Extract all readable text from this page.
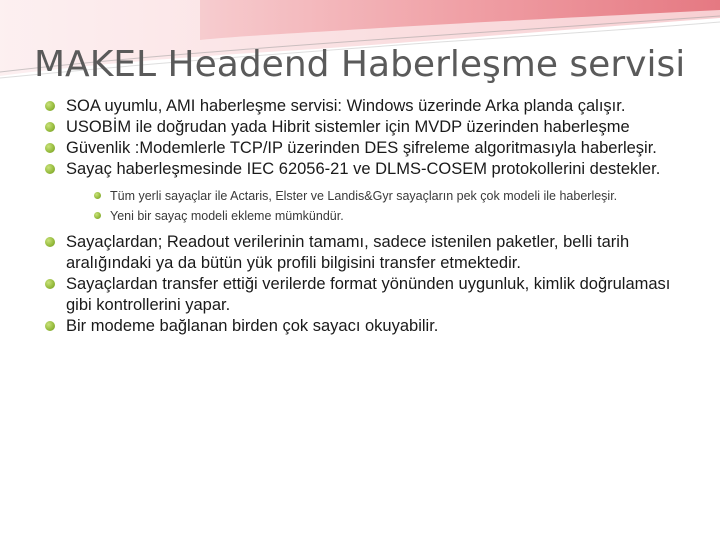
MAKEL Headend Haberleşme servisi
SOA uyumlu, AMI haberleşme servisi: Windows üzerinde Arka planda çalışır.
USOBİM ile doğrudan yada Hibrit sistemler için MVDP üzerinden haberleşme
Güvenlik :Modemlerle TCP/IP üzerinden DES şifreleme algoritmasıyla haberleşir.
Sayaç haberleşmesinde IEC 62056-21 ve DLMS-COSEM protokollerini destekler.
Tüm yerli sayaçlar ile Actaris, Elster ve Landis&Gyr sayaçların pek çok modeli ile haberleşir.
Yeni bir sayaç modeli ekleme mümkündür.
Sayaçlardan; Readout verilerinin tamamı, sadece istenilen paketler, belli tarih aralığındaki ya da bütün yük profili bilgisini transfer etmektedir.
Sayaçlardan transfer ettiği verilerde format yönünden uygunluk, kimlik doğrulaması gibi kontrollerini yapar.
Bir modeme bağlanan birden çok sayacı okuyabilir.
